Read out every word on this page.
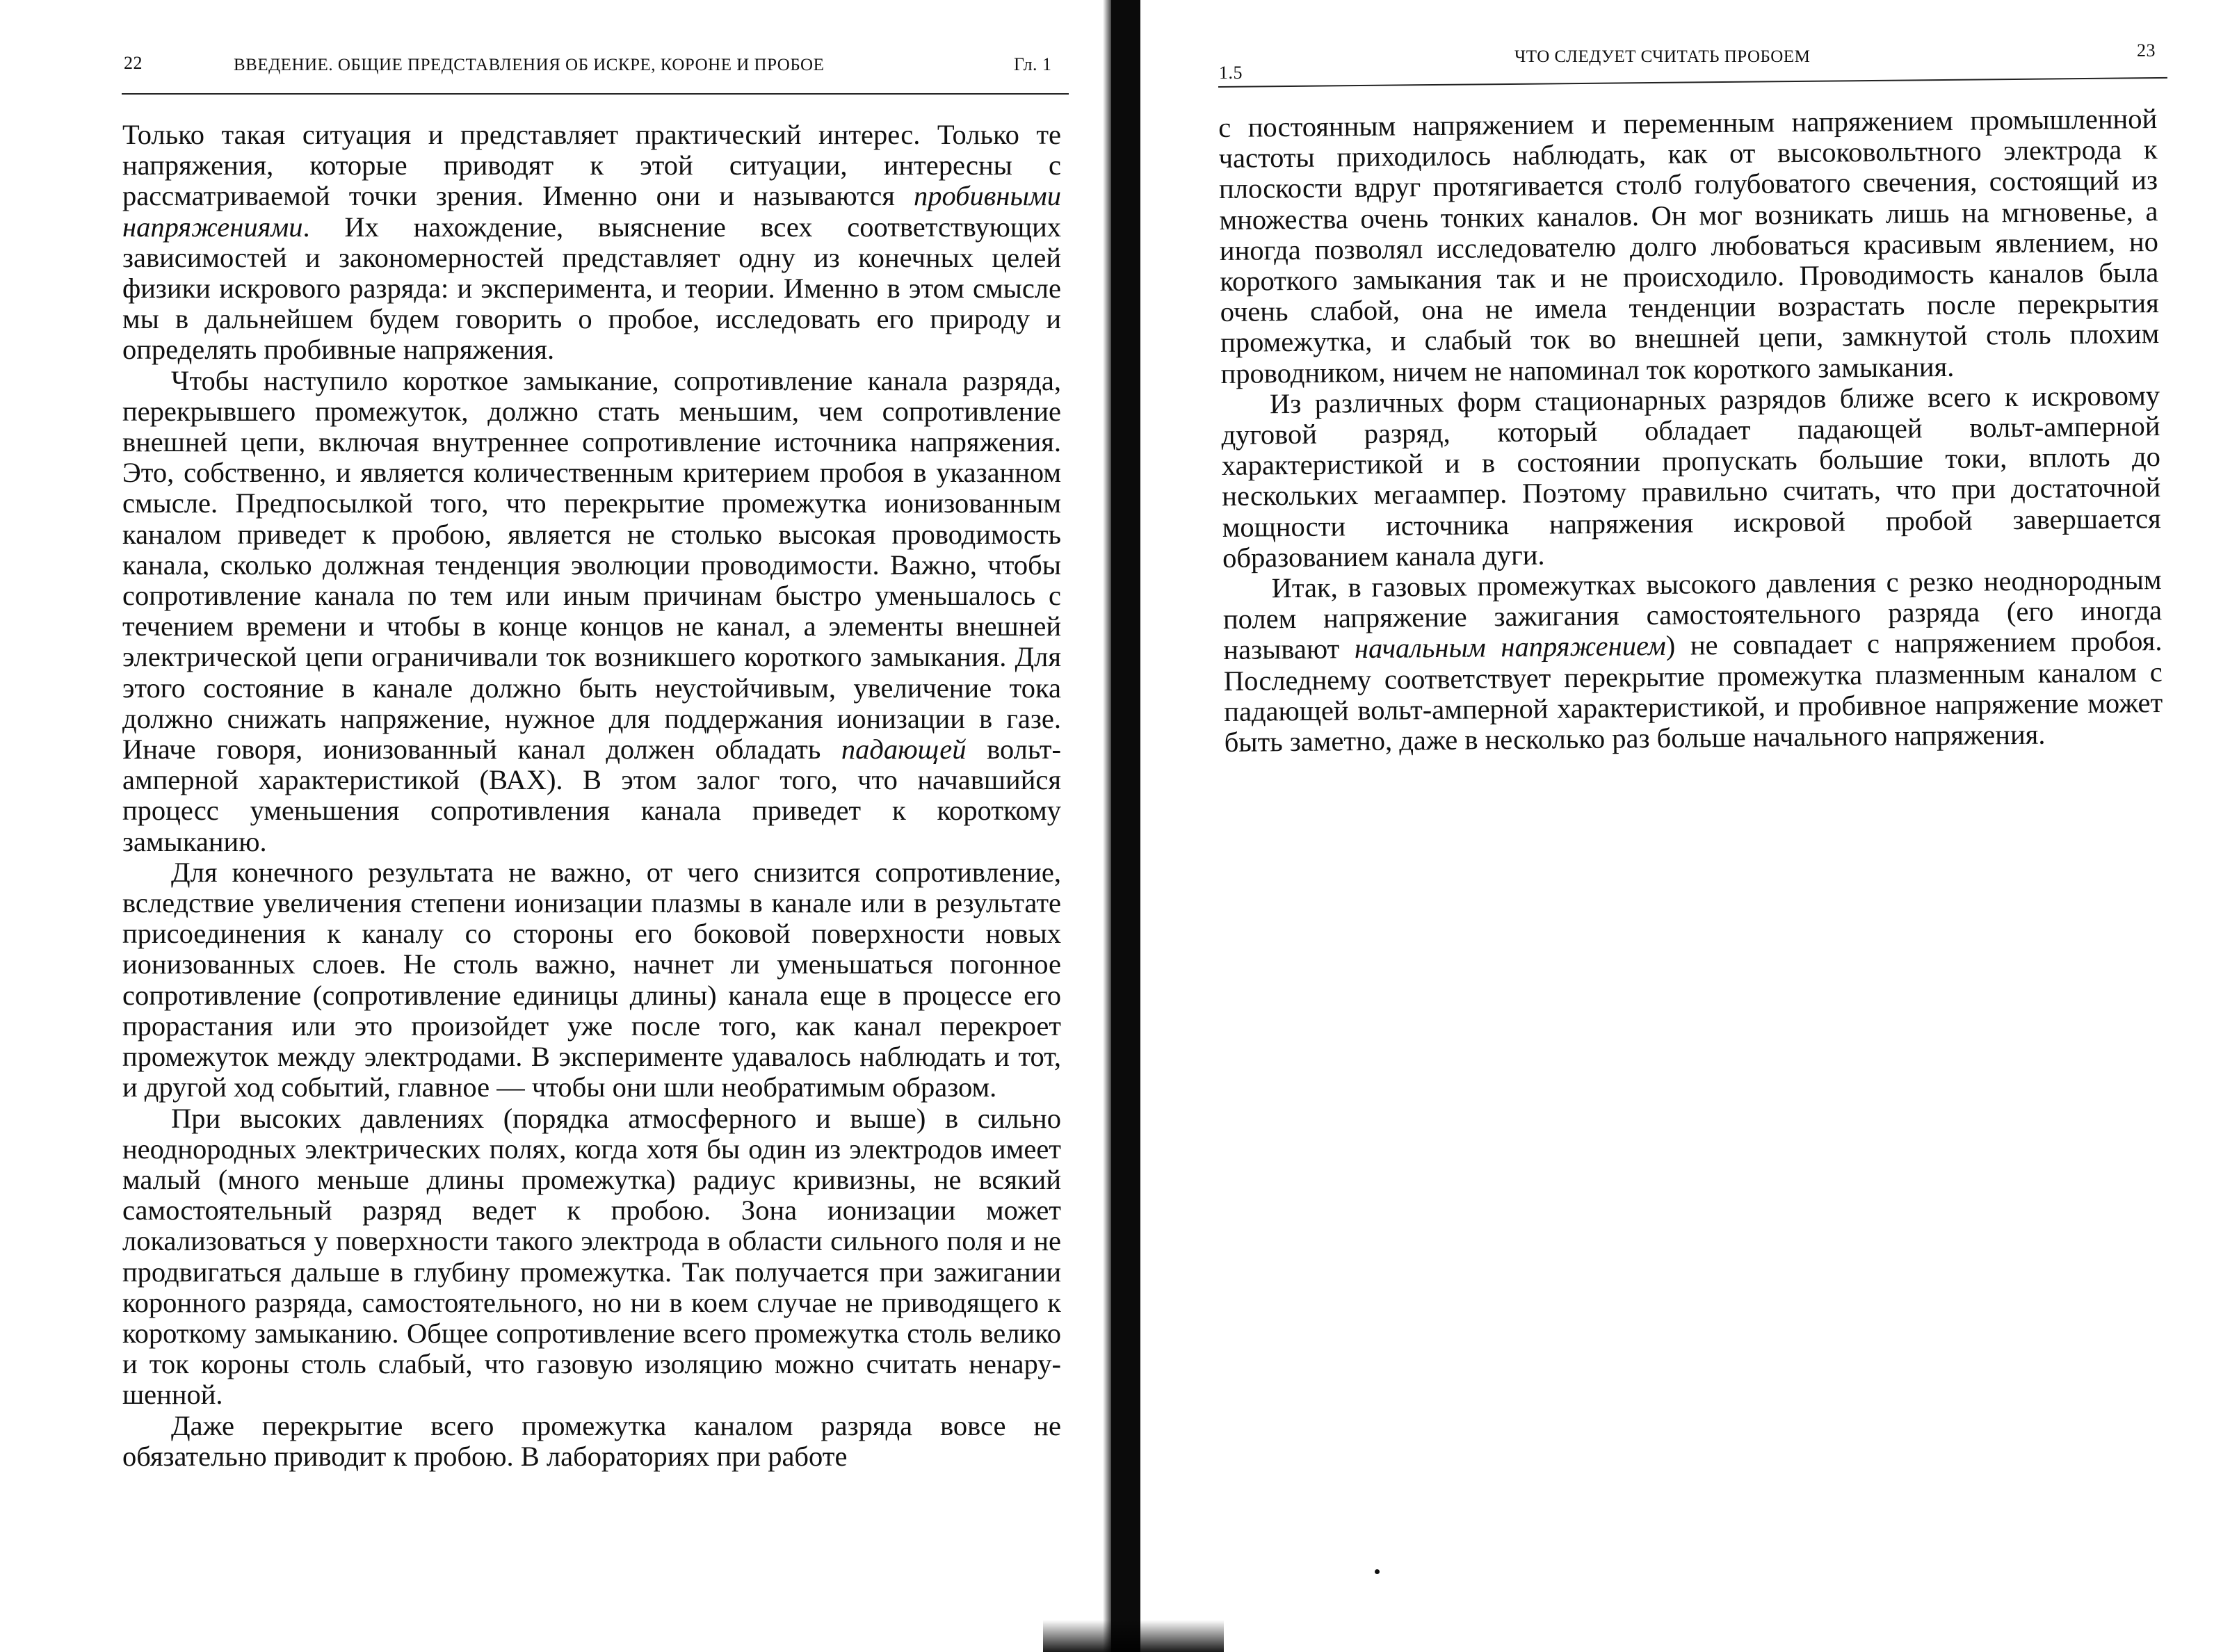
22	ВВЕДЕНИЕ. ОБЩИЕ ПРЕДСТАВЛЕНИЯ ОБ ИСКРЕ, КОРОНЕ И ПРОБОЕ	Гл. 1

Только такая ситуация и представляет практический интерес. Только те напряжения, которые приводят к этой ситуации, интересны с рассматриваемой точки зрения. Именно они и называются пробивными напряжениями. Их нахождение, выяснение всех соответствующих зависимостей и закономерностей представляет одну из конечных целей физики искрового разряда: и эксперимента, и теории. Именно в этом смысле мы в дальнейшем будем говорить о пробое, исследовать его природу и определять пробивные напряжения.

Чтобы наступило короткое замыкание, сопротивление канала разряда, перекрывшего промежуток, должно стать меньшим, чем сопротивление внешней цепи, включая внутреннее сопротивление источника напряжения. Это, собственно, и является количественным критерием пробоя в указанном смысле. Предпосылкой того, что перекрытие промежутка ионизованным каналом приведет к пробою, является не столько высокая проводимость канала, сколько должная тенденция эволюции проводимости. Важно, чтобы сопротивление канала по тем или иным причинам быстро уменьшалось с течением времени и чтобы в конце концов не канал, а элементы внешней электрической цепи ограничивали ток возникшего короткого замыкания. Для этого состояние в канале должно быть неустойчивым, увеличение тока должно снижать напряжение, нужное для поддержания ионизации в газе. Иначе говоря, ионизованный канал должен обладать падающей вольт-амперной характеристикой (ВАХ). В этом залог того, что начавшийся процесс уменьшения сопротивления канала приведет к короткому замыканию.

Для конечного результата не важно, от чего снизится сопротивление, вследствие увеличения степени ионизации плазмы в канале или в результате присоединения к каналу со стороны его боковой поверхности новых ионизованных слоев. Не столь важно, начнет ли уменьшаться погонное сопротивление (сопротивление единицы длины) канала еще в процессе его прорастания или это произойдет уже после того, как канал перекроет промежуток между электродами. В эксперименте удавалось наблюдать и тот, и другой ход событий, главное — чтобы они шли необратимым образом.

При высоких давлениях (порядка атмосферного и выше) в сильно неоднородных электрических полях, когда хотя бы один из электродов имеет малый (много меньше длины промежутка) радиус кривизны, не всякий самостоятельный разряд ведет к пробою. Зона ионизации может локализоваться у поверхности такого электрода в области сильного поля и не продвигаться дальше в глубину промежутка. Так получается при зажигании коронного разряда, самостоятельного, но ни в коем случае не приводящего к короткому замыканию. Общее сопротивление всего промежутка столь велико и ток короны столь слабый, что газовую изоляцию можно считать ненарушенной.

Даже перекрытие всего промежутка каналом разряда вовсе не обязательно приводит к пробою. В лабораториях при работе

1.5
ЧТО СЛЕДУЕТ СЧИТАТЬ ПРОБОЕМ	23

с постоянным напряжением и переменным напряжением промышленной частоты приходилось наблюдать, как от высоковольтного электрода к плоскости вдруг протягивается столб голубоватого свечения, состоящий из множества очень тонких каналов. Он мог возникать лишь на мгновенье, а иногда позволял исследователю долго любоваться красивым явлением, но короткого замыкания так и не происходило. Проводимость каналов была очень слабой, она не имела тенденции возрастать после перекрытия промежутка, и слабый ток во внешней цепи, замкнутой столь плохим проводником, ничем не напоминал ток короткого замыкания.

Из различных форм стационарных разрядов ближе всего к искровому дуговой разряд, который обладает падающей вольт-амперной характеристикой и в состоянии пропускать большие токи, вплоть до нескольких мегаампер. Поэтому правильно считать, что при достаточной мощности источника напряжения искровой пробой завершается образованием канала дуги.

Итак, в газовых промежутках высокого давления с резко неоднородным полем напряжение зажигания самостоятельного разряда (его иногда называют начальным напряжением) не совпадает с напряжением пробоя. Последнему соответствует перекрытие промежутка плазменным каналом с падающей вольт-амперной характеристикой, и пробивное напряжение может быть заметно, даже в несколько раз больше начального напряжения.
